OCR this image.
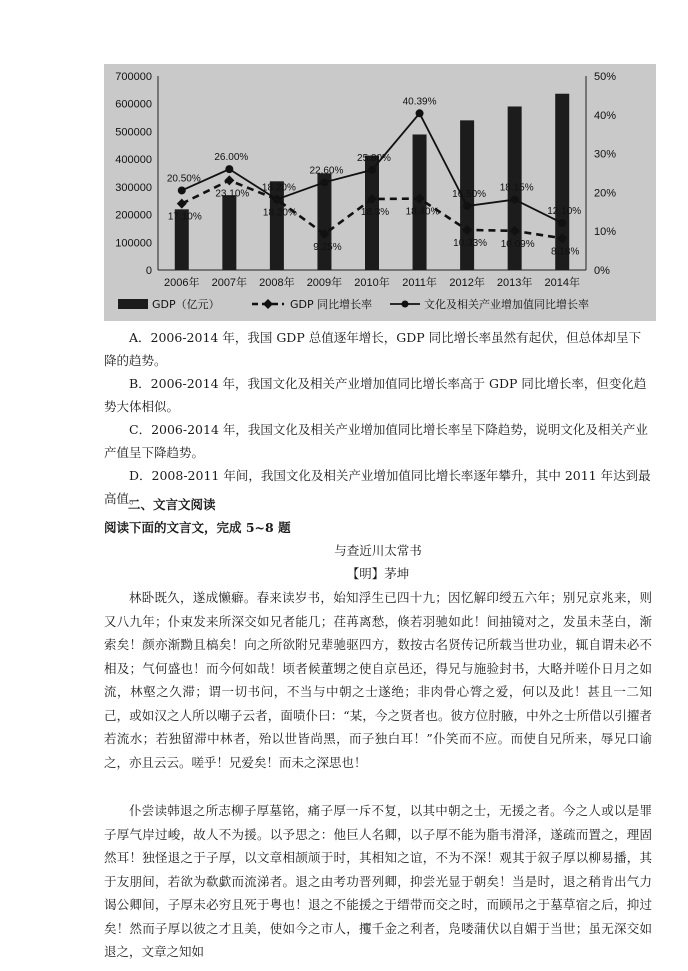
0
100000
200000
300000
400000
500000
600000
700000
0%
10%
20%
30%
40%
50%
2006年 2007年 2008年 2009年 2010年 2011年 2012年 2013年 2014年
20.50%
26.00%
18.20%
22.60%
25.80%
40.39%
16.50%
18.15%
12.10%
17.10%
23.10%
18.20%
9.25%
18.3% 18.40%
10.33% 10.09%
8.18%
GDP（亿元）	GDP 同比增长率	文化及相关产业增加值同比增长率

A．2006-2014 年，我国 GDP 总值逐年增长，GDP 同比增长率虽然有起伏，但总体却呈下降的趋势。

B．2006-2014 年，我国文化及相关产业增加值同比增长率高于 GDP 同比增长率，但变化趋势大体相似。

C．2006-2014 年，我国文化及相关产业增加值同比增长率呈下降趋势，说明文化及相关产业产值呈下降趋势。

D．2008-2011 年间，我国文化及相关产业增加值同比增长率逐年攀升，其中 2011 年达到最高值。

二、文言文阅读

阅读下面的文言文，完成 5~8 题

与查近川太常书

【明】茅坤

林卧既久，遂成懒癖。春来读岁书，始知浮生已四十九；因忆解印绶五六年；别兄京兆来，则又八九年；仆束发来所深交如兄者能几；荏苒离愁，倏若羽驰如此！间抽镜对之，发虽未茎白，渐索矣！颜亦渐黝且槁矣！向之所欲附兄辈驰驱四方，数按古名贤传记所载当世功业，辄自谓未必不相及；气何盛也！而今何如哉！顷者候董甥之使自京邑还，得兄与施验封书，大略并嗟仆日月之如流，林壑之久滞；谓一切书问，不当与中朝之士遂绝；非肉骨心膂之爱，何以及此！甚且一二知己，或如汉之人所以嘲子云者，面啧仆曰：“某，今之贤者也。彼方位肘腋，中外之士所借以引擢者若流水；若独留滞中林者，殆以世皆尚黑，而子独白耳！”仆笑而不应。而使自兄所来，辱兄口谕之，亦且云云。嗟乎！兄爱矣！而未之深思也！

仆尝读韩退之所志柳子厚墓铭，痛子厚一斥不复，以其中朝之士，无援之者。今之人或以是罪子厚气岸过峻，故人不为援。以予思之：他巨人名卿，以子厚不能为脂韦滑泽，遂疏而置之，理固然耳！独怪退之于子厚，以文章相颉颃于时，其相知之谊，不为不深！观其于叙子厚以柳易播，其于友朋间，若欲为欷歔而流涕者。退之由考功晋列卿，抑尝光显于朝矣！当是时，退之稍肯出气力谒公卿间，子厚未必穷且死于粤也！退之不能援之于缙带而交之时，而顾吊之于墓草宿之后，抑过矣！然而子厚以彼之才且美，使如今之市人，攫千金之利者，凫喽蒲伏以自媚于当世；虽无深交如退之，文章之知如
